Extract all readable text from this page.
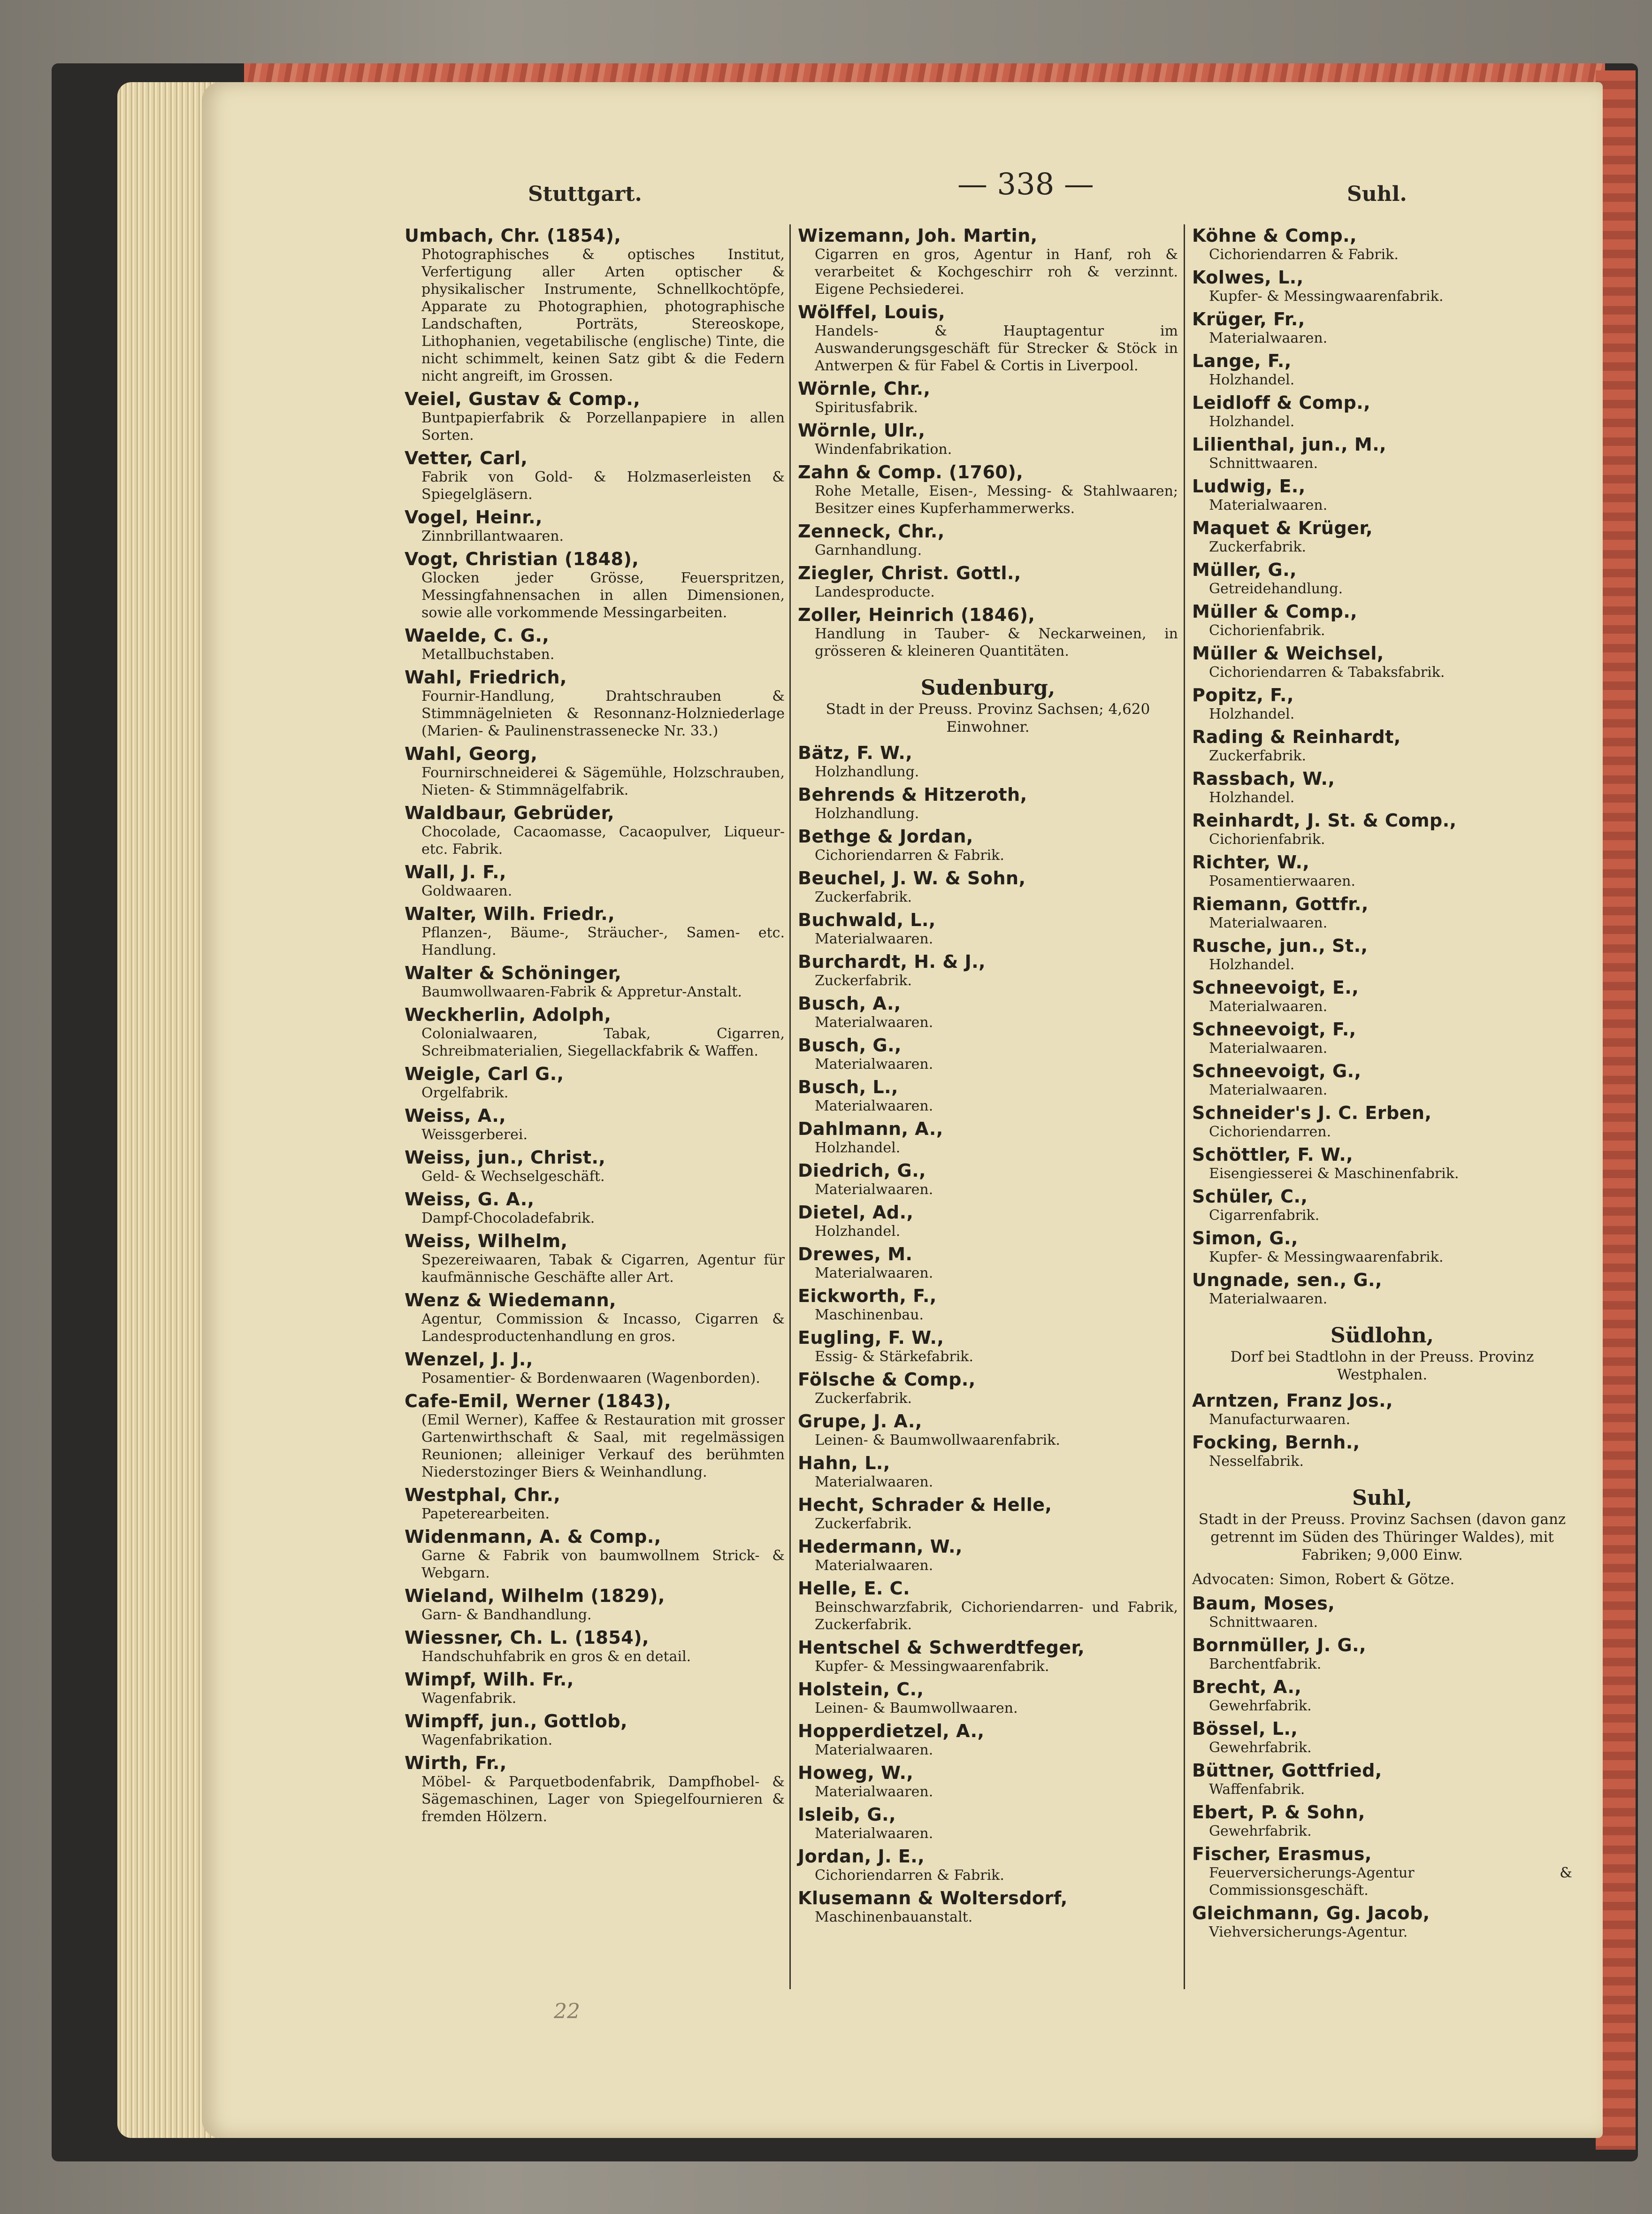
Stuttgart.	— 338 —	Suhl.
Umbach, Chr. (1854),
Photographisches & optisches Institut, Verfertigung aller Arten optischer & physikalischer Instrumente, Schnellkochtöpfe, Apparate zu Photographien, photographische Landschaften, Porträts, Stereoskope, Lithophanien, vegetabilische (englische) Tinte, die nicht schimmelt, keinen Satz gibt & die Federn nicht angreift, im Grossen.
Veiel, Gustav & Comp.,
Buntpapierfabrik & Porzellanpapiere in allen Sorten.
Vetter, Carl,
Fabrik von Gold- & Holzmaserleisten & Spiegelgläsern.
Vogel, Heinr.,
Zinnbrillantwaaren.
Vogt, Christian (1848),
Glocken jeder Grösse, Feuerspritzen, Messingfahnensachen in allen Dimensionen, sowie alle vorkommende Messingarbeiten.
Waelde, C. G.,
Metallbuchstaben.
Wahl, Friedrich,
Fournir-Handlung, Drahtschrauben & Stimmnägelnieten & Resonnanz-Holzniederlage (Marien- & Paulinenstrassenecke Nr. 33.)
Wahl, Georg,
Fournirschneiderei & Sägemühle, Holzschrauben, Nieten- & Stimmnägelfabrik.
Waldbaur, Gebrüder,
Chocolade, Cacaomasse, Cacaopulver, Liqueur- etc. Fabrik.
Wall, J. F.,
Goldwaaren.
Walter, Wilh. Friedr.,
Pflanzen-, Bäume-, Sträucher-, Samen- etc. Handlung.
Walter & Schöninger,
Baumwollwaaren-Fabrik & Appretur-Anstalt.
Weckherlin, Adolph,
Colonialwaaren, Tabak, Cigarren, Schreibmaterialien, Siegellackfabrik & Waffen.
Weigle, Carl G.,
Orgelfabrik.
Weiss, A.,
Weissgerberei.
Weiss, jun., Christ.,
Geld- & Wechselgeschäft.
Weiss, G. A.,
Dampf-Chocoladefabrik.
Weiss, Wilhelm,
Spezereiwaaren, Tabak & Cigarren, Agentur für kaufmännische Geschäfte aller Art.
Wenz & Wiedemann,
Agentur, Commission & Incasso, Cigarren & Landesproductenhandlung en gros.
Wenzel, J. J.,
Posamentier- & Bordenwaaren (Wagenborden).
Cafe-Emil, Werner (1843),
(Emil Werner), Kaffee & Restauration mit grosser Gartenwirthschaft & Saal, mit regelmässigen Reunionen; alleiniger Verkauf des berühmten Niederstozinger Biers & Weinhandlung.
Westphal, Chr.,
Papeterearbeiten.
Widenmann, A. & Comp.,
Garne & Fabrik von baumwollnem Strick- & Webgarn.
Wieland, Wilhelm (1829),
Garn- & Bandhandlung.
Wiessner, Ch. L. (1854),
Handschuhfabrik en gros & en detail.
Wimpf, Wilh. Fr.,
Wagenfabrik.
Wimpff, jun., Gottlob,
Wagenfabrikation.
Wirth, Fr.,
Möbel- & Parquetbodenfabrik, Dampfhobel- & Sägemaschinen, Lager von Spiegelfournieren & fremden Hölzern.
Wizemann, Joh. Martin,
Cigarren en gros, Agentur in Hanf, roh & verarbeitet & Kochgeschirr roh & verzinnt. Eigene Pechsiederei.
Wölffel, Louis,
Handels- & Hauptagentur im Auswanderungsgeschäft für Strecker & Stöck in Antwerpen & für Fabel & Cortis in Liverpool.
Wörnle, Chr.,
Spiritusfabrik.
Wörnle, Ulr.,
Windenfabrikation.
Zahn & Comp. (1760),
Rohe Metalle, Eisen-, Messing- & Stahlwaaren; Besitzer eines Kupferhammerwerks.
Zenneck, Chr.,
Garnhandlung.
Ziegler, Christ. Gottl.,
Landesproducte.
Zoller, Heinrich (1846),
Handlung in Tauber- & Neckarweinen, in grösseren & kleineren Quantitäten.
Sudenburg,
Stadt in der Preuss. Provinz Sachsen; 4,620 Einwohner.
Bätz, F. W.,
Holzhandlung.
Behrends & Hitzeroth,
Holzhandlung.
Bethge & Jordan,
Cichoriendarren & Fabrik.
Beuchel, J. W. & Sohn,
Zuckerfabrik.
Buchwald, L.,
Materialwaaren.
Burchardt, H. & J.,
Zuckerfabrik.
Busch, A.,
Materialwaaren.
Busch, G.,
Materialwaaren.
Busch, L.,
Materialwaaren.
Dahlmann, A.,
Holzhandel.
Diedrich, G.,
Materialwaaren.
Dietel, Ad.,
Holzhandel.
Drewes, M.
Materialwaaren.
Eickworth, F.,
Maschinenbau.
Eugling, F. W.,
Essig- & Stärkefabrik.
Fölsche & Comp.,
Zuckerfabrik.
Grupe, J. A.,
Leinen- & Baumwollwaarenfabrik.
Hahn, L.,
Materialwaaren.
Hecht, Schrader & Helle,
Zuckerfabrik.
Hedermann, W.,
Materialwaaren.
Helle, E. C.
Beinschwarzfabrik, Cichoriendarren- und Fabrik, Zuckerfabrik.
Hentschel & Schwerdtfeger,
Kupfer- & Messingwaarenfabrik.
Holstein, C.,
Leinen- & Baumwollwaaren.
Hopperdietzel, A.,
Materialwaaren.
Howeg, W.,
Materialwaaren.
Isleib, G.,
Materialwaaren.
Jordan, J. E.,
Cichoriendarren & Fabrik.
Klusemann & Woltersdorf,
Maschinenbauanstalt.
Köhne & Comp.,
Cichoriendarren & Fabrik.
Kolwes, L.,
Kupfer- & Messingwaarenfabrik.
Krüger, Fr.,
Materialwaaren.
Lange, F.,
Holzhandel.
Leidloff & Comp.,
Holzhandel.
Lilienthal, jun., M.,
Schnittwaaren.
Ludwig, E.,
Materialwaaren.
Maquet & Krüger,
Zuckerfabrik.
Müller, G.,
Getreidehandlung.
Müller & Comp.,
Cichorienfabrik.
Müller & Weichsel,
Cichoriendarren & Tabaksfabrik.
Popitz, F.,
Holzhandel.
Rading & Reinhardt,
Zuckerfabrik.
Rassbach, W.,
Holzhandel.
Reinhardt, J. St. & Comp.,
Cichorienfabrik.
Richter, W.,
Posamentierwaaren.
Riemann, Gottfr.,
Materialwaaren.
Rusche, jun., St.,
Holzhandel.
Schneevoigt, E.,
Materialwaaren.
Schneevoigt, F.,
Materialwaaren.
Schneevoigt, G.,
Materialwaaren.
Schneider's J. C. Erben,
Cichoriendarren.
Schöttler, F. W.,
Eisengiesserei & Maschinenfabrik.
Schüler, C.,
Cigarrenfabrik.
Simon, G.,
Kupfer- & Messingwaarenfabrik.
Ungnade, sen., G.,
Materialwaaren.
Südlohn,
Dorf bei Stadtlohn in der Preuss. Provinz Westphalen.
Arntzen, Franz Jos.,
Manufacturwaaren.
Focking, Bernh.,
Nesselfabrik.
Suhl,
Stadt in der Preuss. Provinz Sachsen (davon ganz getrennt im Süden des Thüringer Waldes), mit Fabriken; 9,000 Einw.
Advocaten: Simon, Robert & Götze.
Baum, Moses,
Schnittwaaren.
Bornmüller, J. G.,
Barchentfabrik.
Brecht, A.,
Gewehrfabrik.
Bössel, L.,
Gewehrfabrik.
Büttner, Gottfried,
Waffenfabrik.
Ebert, P. & Sohn,
Gewehrfabrik.
Fischer, Erasmus,
Feuerversicherungs-Agentur & Commissionsgeschäft.
Gleichmann, Gg. Jacob,
Viehversicherungs-Agentur.
22
